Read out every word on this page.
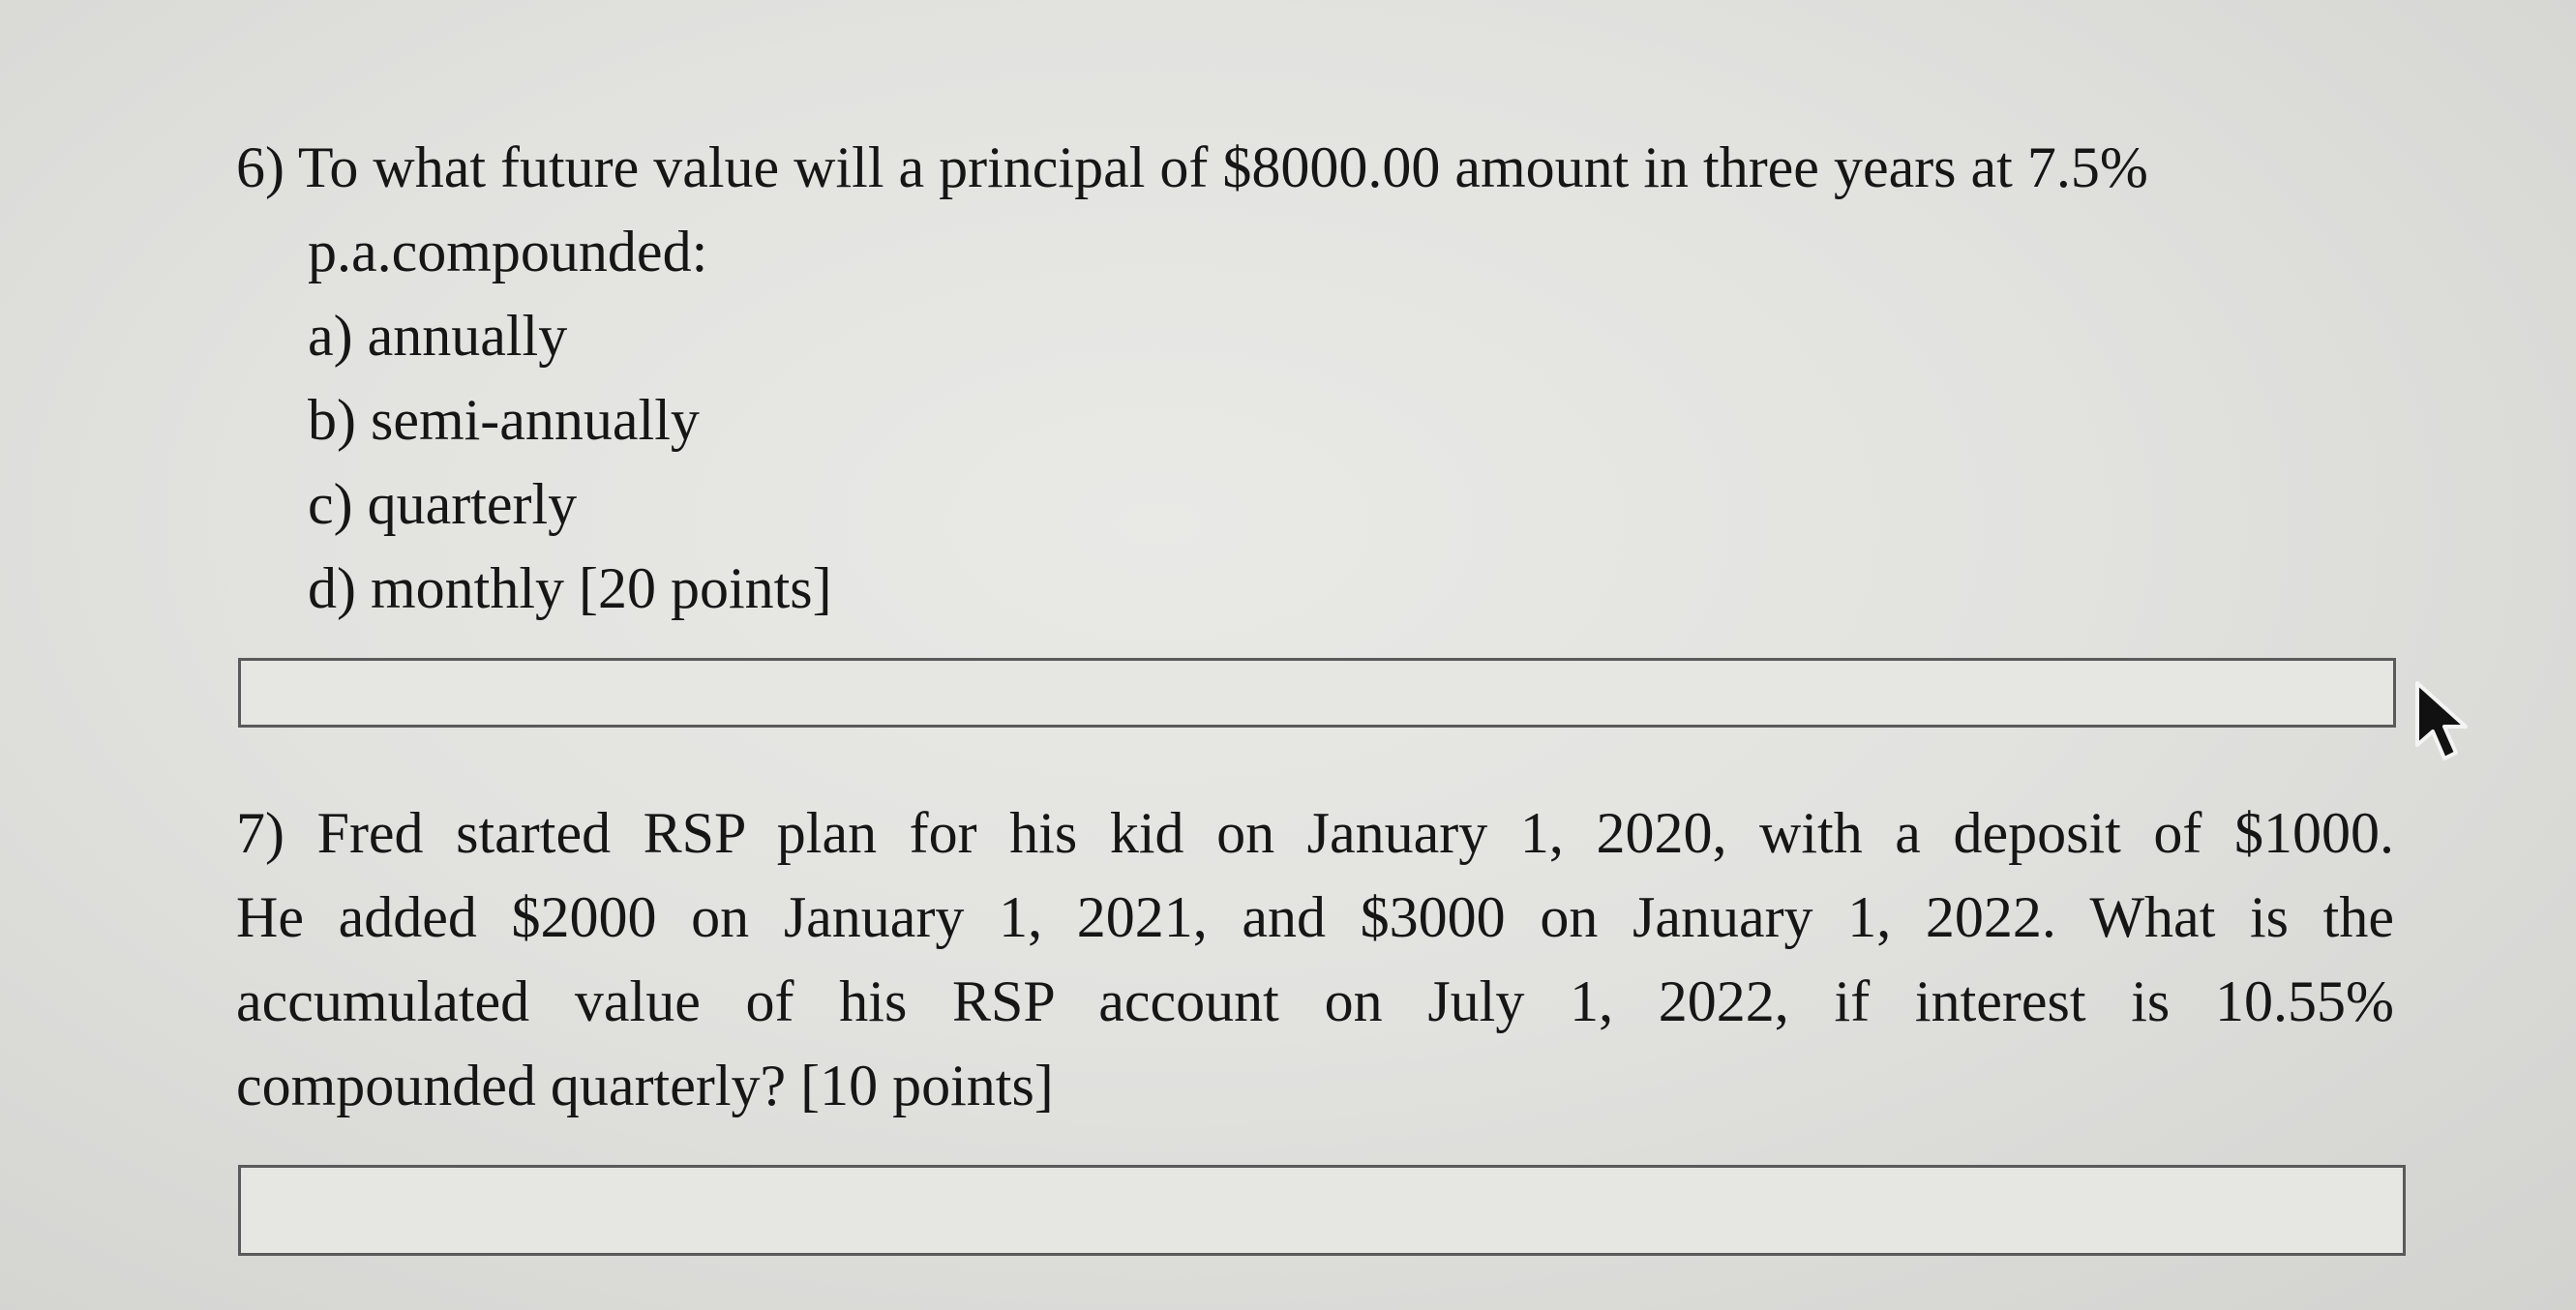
6) To what future value will a principal of $8000.00 amount in three years at 7.5%
p.a.compounded:
a) annually
b) semi-annually
c) quarterly
d) monthly [20 points]
7) Fred started RSP plan for his kid on January 1, 2020, with a deposit of $1000.
He added $2000 on January 1, 2021, and $3000 on January 1, 2022. What is the
accumulated value of his RSP account on July 1, 2022, if interest is 10.55%
compounded quarterly? [10 points]
